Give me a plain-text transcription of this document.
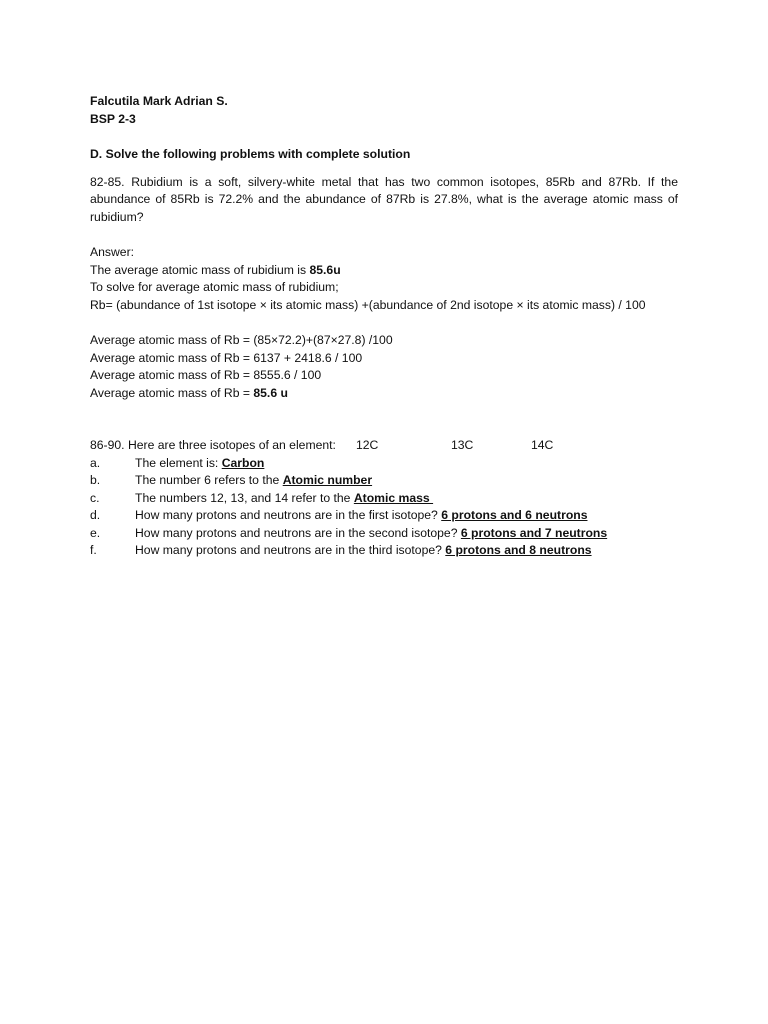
Falcutila Mark Adrian S.
BSP 2-3
D. Solve the following problems with complete solution
82-85. Rubidium is a soft, silvery-white metal that has two common isotopes, 85Rb and 87Rb. If the abundance of 85Rb is 72.2% and the abundance of 87Rb is 27.8%, what is the average atomic mass of rubidium?
Answer:
The average atomic mass of rubidium is 85.6u
To solve for average atomic mass of rubidium;
Rb= (abundance of 1st isotope × its atomic mass) +(abundance of 2nd isotope × its atomic mass) / 100
Average atomic mass of Rb = (85×72.2)+(87×27.8) /100
Average atomic mass of Rb = 6137 + 2418.6 / 100
Average atomic mass of Rb = 8555.6 / 100
Average atomic mass of Rb = 85.6 u
86-90. Here are three isotopes of an element:	12C	13C	14C
a.	The element is: Carbon
b.	The number 6 refers to the Atomic number
c.	The numbers 12, 13, and 14 refer to the Atomic mass
d.	How many protons and neutrons are in the first isotope? 6 protons and 6 neutrons
e.	How many protons and neutrons are in the second isotope? 6 protons and 7 neutrons
f.	How many protons and neutrons are in the third isotope? 6 protons and 8 neutrons
